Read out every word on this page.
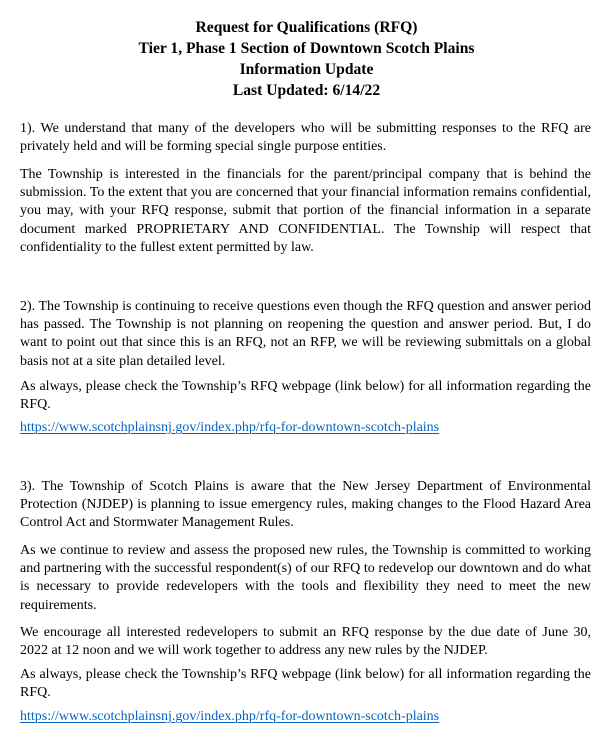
Request for Qualifications (RFQ)
Tier 1, Phase 1 Section of Downtown Scotch Plains
Information Update
Last Updated: 6/14/22

1). We understand that many of the developers who will be submitting responses to the RFQ are privately held and will be forming special single purpose entities.

The Township is interested in the financials for the parent/principal company that is behind the submission. To the extent that you are concerned that your financial information remains confidential, you may, with your RFQ response, submit that portion of the financial information in a separate document marked PROPRIETARY AND CONFIDENTIAL. The Township will respect that confidentiality to the fullest extent permitted by law.

2). The Township is continuing to receive questions even though the RFQ question and answer period has passed. The Township is not planning on reopening the question and answer period. But, I do want to point out that since this is an RFQ, not an RFP, we will be reviewing submittals on a global basis not at a site plan detailed level.

As always, please check the Township’s RFQ webpage (link below) for all information regarding the RFQ.

https://www.scotchplainsnj.gov/index.php/rfq-for-downtown-scotch-plains

3). The Township of Scotch Plains is aware that the New Jersey Department of Environmental Protection (NJDEP) is planning to issue emergency rules, making changes to the Flood Hazard Area Control Act and Stormwater Management Rules.

As we continue to review and assess the proposed new rules, the Township is committed to working and partnering with the successful respondent(s) of our RFQ to redevelop our downtown and do what is necessary to provide redevelopers with the tools and flexibility they need to meet the new requirements.

We encourage all interested redevelopers to submit an RFQ response by the due date of June 30, 2022 at 12 noon and we will work together to address any new rules by the NJDEP.

As always, please check the Township’s RFQ webpage (link below) for all information regarding the RFQ.

https://www.scotchplainsnj.gov/index.php/rfq-for-downtown-scotch-plains
